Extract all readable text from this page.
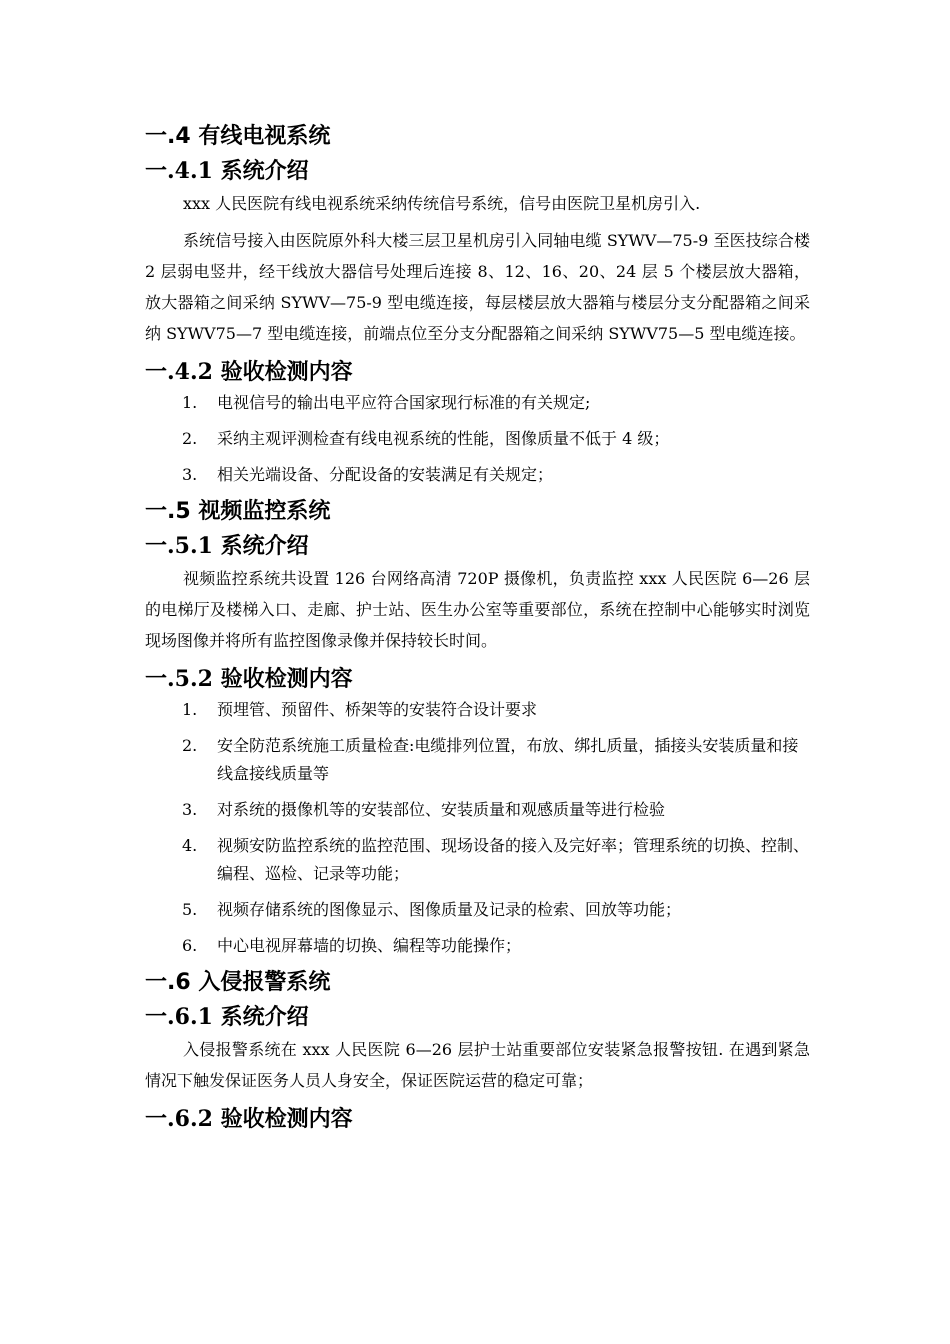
一.4 有线电视系统
一.4.1 系统介绍

xxx 人民医院有线电视系统采纳传统信号系统，信号由医院卫星机房引入.

系统信号接入由医院原外科大楼三层卫星机房引入同轴电缆 SYWV—75-9 至医技综合楼 2 层弱电竖井，经干线放大器信号处理后连接 8、12、16、20、24 层 5 个楼层放大器箱，放大器箱之间采纳 SYWV—75-9 型电缆连接，每层楼层放大器箱与楼层分支分配器箱之间采纳 SYWV75—7 型电缆连接，前端点位至分支分配器箱之间采纳 SYWV75—5 型电缆连接。

一.4.2 验收检测内容
1. 电视信号的输出电平应符合国家现行标准的有关规定;
2. 采纳主观评测检查有线电视系统的性能，图像质量不低于 4 级；
3. 相关光端设备、分配设备的安装满足有关规定；
一.5 视频监控系统
一.5.1 系统介绍

视频监控系统共设置 126 台网络高清 720P 摄像机，负责监控 xxx 人民医院 6—26 层的电梯厅及楼梯入口、走廊、护士站、医生办公室等重要部位，系统在控制中心能够实时浏览现场图像并将所有监控图像录像并保持较长时间。

一.5.2 验收检测内容
1. 预埋管、预留件、桥架等的安装符合设计要求
2. 安全防范系统施工质量检查:电缆排列位置，布放、绑扎质量，插接头安装质量和接线盒接线质量等
3. 对系统的摄像机等的安装部位、安装质量和观感质量等进行检验
4. 视频安防监控系统的监控范围、现场设备的接入及完好率；管理系统的切换、控制、编程、巡检、记录等功能；
5. 视频存储系统的图像显示、图像质量及记录的检索、回放等功能；
6. 中心电视屏幕墙的切换、编程等功能操作；
一.6 入侵报警系统
一.6.1 系统介绍

入侵报警系统在 xxx 人民医院 6—26 层护士站重要部位安装紧急报警按钮. 在遇到紧急情况下触发保证医务人员人身安全，保证医院运营的稳定可靠；

一.6.2 验收检测内容
